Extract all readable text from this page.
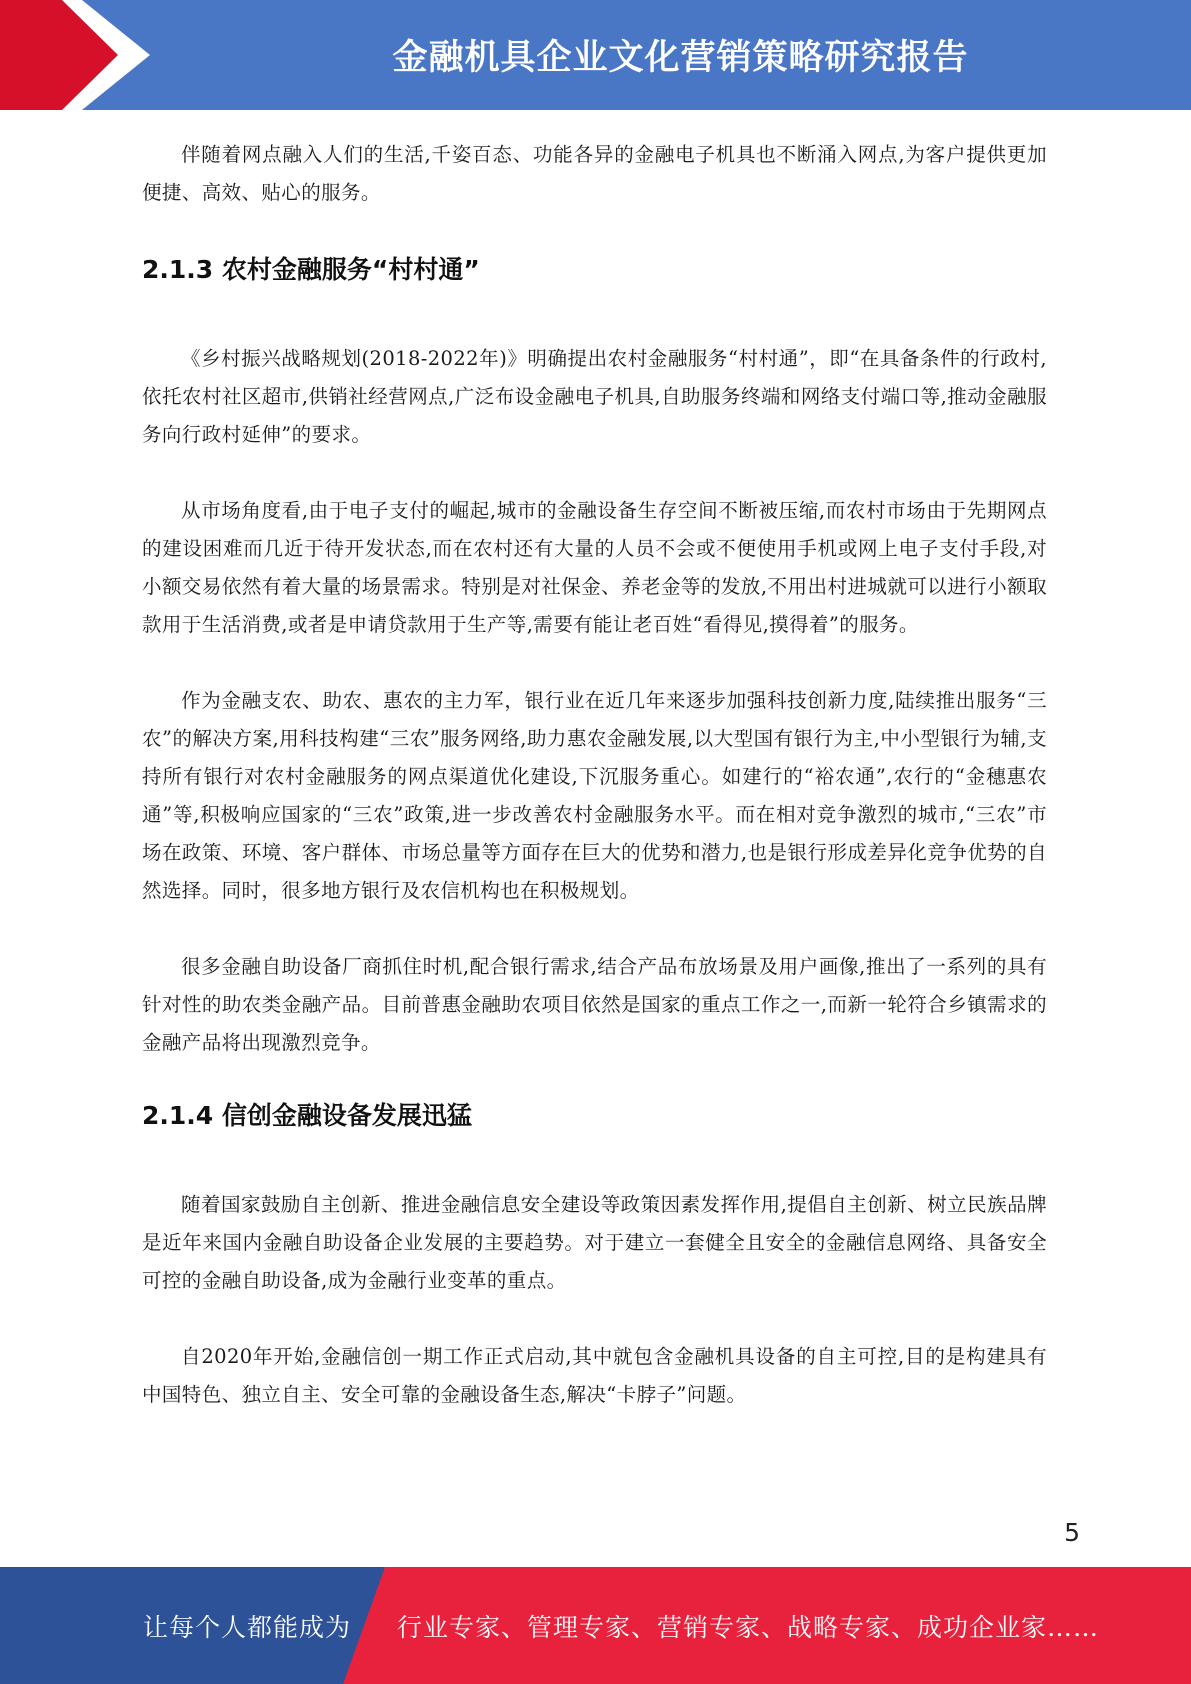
金融机具企业文化营销策略研究报告

伴随着网点融入人们的生活,千姿百态、功能各异的金融电子机具也不断涌入网点,为客户提供更加便捷、高效、贴心的服务。

2.1.3 农村金融服务“村村通”

《乡村振兴战略规划(2018-2022年)》明确提出农村金融服务“村村通”，即“在具备条件的行政村,依托农村社区超市,供销社经营网点,广泛布设金融电子机具,自助服务终端和网络支付端口等,推动金融服务向行政村延伸”的要求。

从市场角度看,由于电子支付的崛起,城市的金融设备生存空间不断被压缩,而农村市场由于先期网点的建设困难而几近于待开发状态,而在农村还有大量的人员不会或不便使用手机或网上电子支付手段,对小额交易依然有着大量的场景需求。特别是对社保金、养老金等的发放,不用出村进城就可以进行小额取款用于生活消费,或者是申请贷款用于生产等,需要有能让老百姓“看得见,摸得着”的服务。

作为金融支农、助农、惠农的主力军，银行业在近几年来逐步加强科技创新力度,陆续推出服务“三农”的解决方案,用科技构建“三农”服务网络,助力惠农金融发展,以大型国有银行为主,中小型银行为辅,支持所有银行对农村金融服务的网点渠道优化建设,下沉服务重心。如建行的“裕农通”,农行的“金穗惠农通”等,积极响应国家的“三农”政策,进一步改善农村金融服务水平。而在相对竞争激烈的城市,“三农”市场在政策、环境、客户群体、市场总量等方面存在巨大的优势和潜力,也是银行形成差异化竞争优势的自然选择。同时，很多地方银行及农信机构也在积极规划。

很多金融自助设备厂商抓住时机,配合银行需求,结合产品布放场景及用户画像,推出了一系列的具有针对性的助农类金融产品。目前普惠金融助农项目依然是国家的重点工作之一,而新一轮符合乡镇需求的金融产品将出现激烈竞争。

2.1.4 信创金融设备发展迅猛

随着国家鼓励自主创新、推进金融信息安全建设等政策因素发挥作用,提倡自主创新、树立民族品牌是近年来国内金融自助设备企业发展的主要趋势。对于建立一套健全且安全的金融信息网络、具备安全可控的金融自助设备,成为金融行业变革的重点。

自2020年开始,金融信创一期工作正式启动,其中就包含金融机具设备的自主可控,目的是构建具有中国特色、独立自主、安全可靠的金融设备生态,解决“卡脖子”问题。

5
让每个人都能成为 行业专家、管理专家、营销专家、战略专家、成功企业家……
